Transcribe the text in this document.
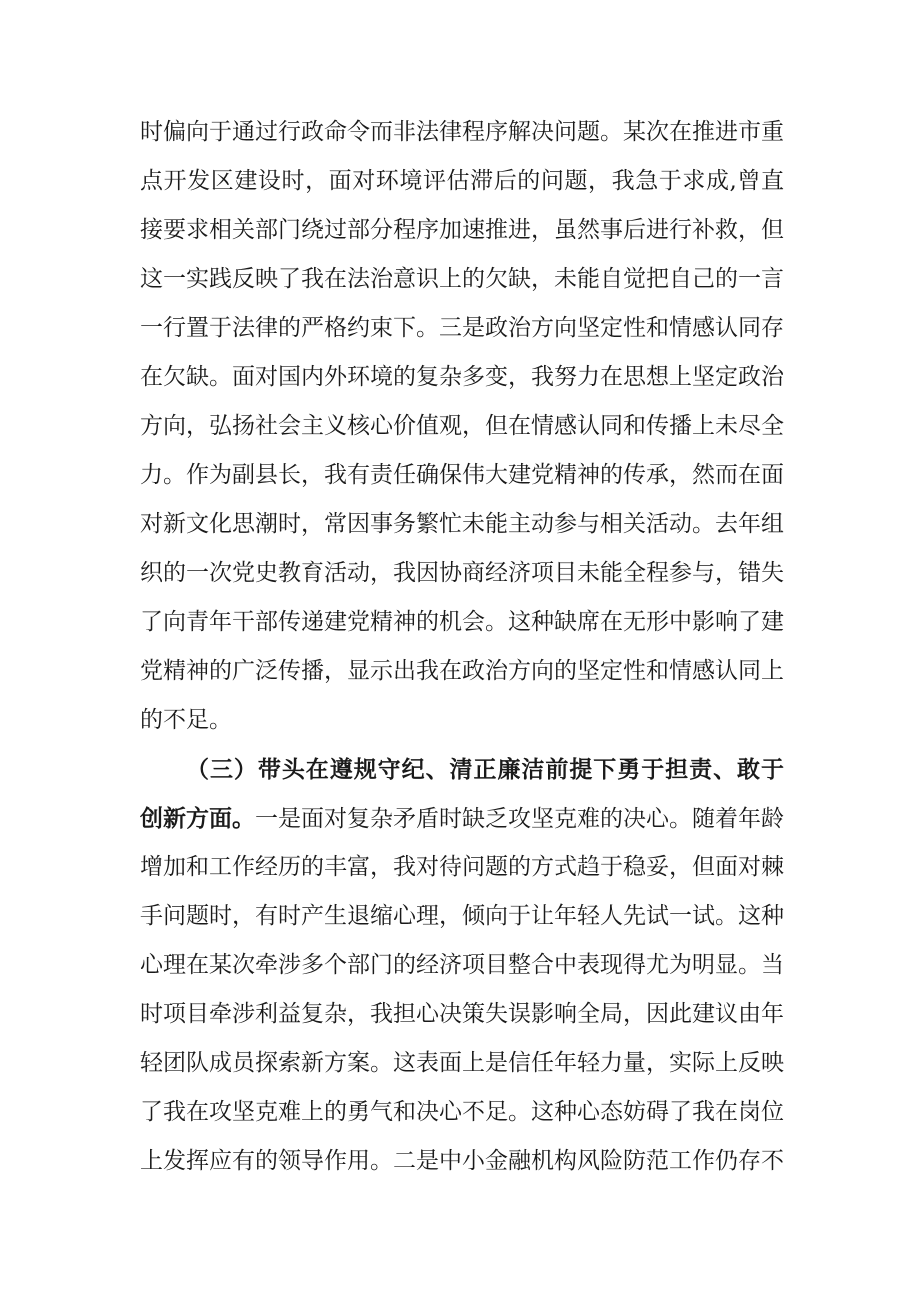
时偏向于通过行政命令而非法律程序解决问题。某次在推进市重
点开发区建设时，面对环境评估滞后的问题，我急于求成,曾直
接要求相关部门绕过部分程序加速推进，虽然事后进行补救，但
这一实践反映了我在法治意识上的欠缺，未能自觉把自己的一言
一行置于法律的严格约束下。三是政治方向坚定性和情感认同存
在欠缺。面对国内外环境的复杂多变，我努力在思想上坚定政治
方向，弘扬社会主义核心价值观，但在情感认同和传播上未尽全
力。作为副县长，我有责任确保伟大建党精神的传承，然而在面
对新文化思潮时，常因事务繁忙未能主动参与相关活动。去年组
织的一次党史教育活动，我因协商经济项目未能全程参与，错失
了向青年干部传递建党精神的机会。这种缺席在无形中影响了建
党精神的广泛传播，显示出我在政治方向的坚定性和情感认同上
的不足。
（三）带头在遵规守纪、清正廉洁前提下勇于担责、敢于
创新方面。一是面对复杂矛盾时缺乏攻坚克难的决心。随着年龄
增加和工作经历的丰富，我对待问题的方式趋于稳妥，但面对棘
手问题时，有时产生退缩心理，倾向于让年轻人先试一试。这种
心理在某次牵涉多个部门的经济项目整合中表现得尤为明显。当
时项目牵涉利益复杂，我担心决策失误影响全局，因此建议由年
轻团队成员探索新方案。这表面上是信任年轻力量，实际上反映
了我在攻坚克难上的勇气和决心不足。这种心态妨碍了我在岗位
上发挥应有的领导作用。二是中小金融机构风险防范工作仍存不
